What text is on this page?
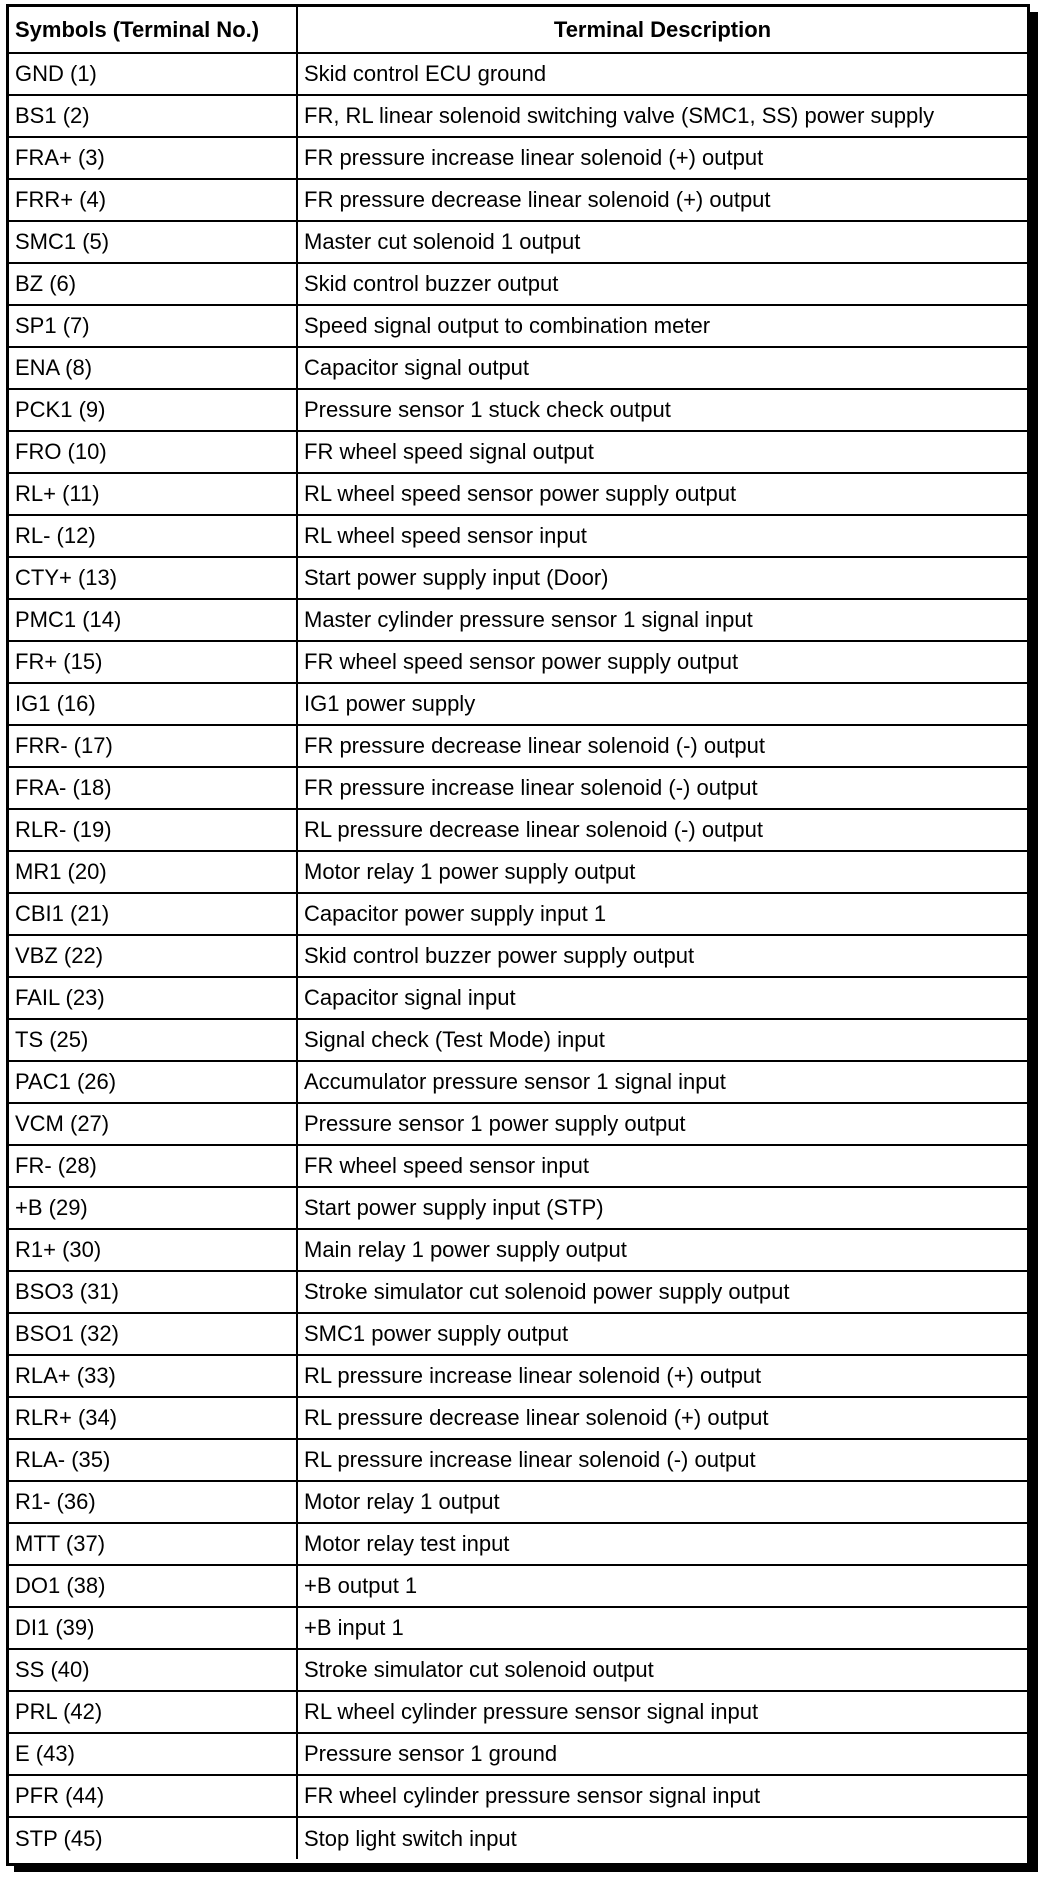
Symbols (Terminal No.)	Terminal Description
GND (1)	Skid control ECU ground
BS1 (2)	FR, RL linear solenoid switching valve (SMC1, SS) power supply
FRA+ (3)	FR pressure increase linear solenoid (+) output
FRR+ (4)	FR pressure decrease linear solenoid (+) output
SMC1 (5)	Master cut solenoid 1 output
BZ (6)	Skid control buzzer output
SP1 (7)	Speed signal output to combination meter
ENA (8)	Capacitor signal output
PCK1 (9)	Pressure sensor 1 stuck check output
FRO (10)	FR wheel speed signal output
RL+ (11)	RL wheel speed sensor power supply output
RL- (12)	RL wheel speed sensor input
CTY+ (13)	Start power supply input (Door)
PMC1 (14)	Master cylinder pressure sensor 1 signal input
FR+ (15)	FR wheel speed sensor power supply output
IG1 (16)	IG1 power supply
FRR- (17)	FR pressure decrease linear solenoid (-) output
FRA- (18)	FR pressure increase linear solenoid (-) output
RLR- (19)	RL pressure decrease linear solenoid (-) output
MR1 (20)	Motor relay 1 power supply output
CBI1 (21)	Capacitor power supply input 1
VBZ (22)	Skid control buzzer power supply output
FAIL (23)	Capacitor signal input
TS (25)	Signal check (Test Mode) input
PAC1 (26)	Accumulator pressure sensor 1 signal input
VCM (27)	Pressure sensor 1 power supply output
FR- (28)	FR wheel speed sensor input
+B (29)	Start power supply input (STP)
R1+ (30)	Main relay 1 power supply output
BSO3 (31)	Stroke simulator cut solenoid power supply output
BSO1 (32)	SMC1 power supply output
RLA+ (33)	RL pressure increase linear solenoid (+) output
RLR+ (34)	RL pressure decrease linear solenoid (+) output
RLA- (35)	RL pressure increase linear solenoid (-) output
R1- (36)	Motor relay 1 output
MTT (37)	Motor relay test input
DO1 (38)	+B output 1
DI1 (39)	+B input 1
SS (40)	Stroke simulator cut solenoid output
PRL (42)	RL wheel cylinder pressure sensor signal input
E (43)	Pressure sensor 1 ground
PFR (44)	FR wheel cylinder pressure sensor signal input
STP (45)	Stop light switch input
